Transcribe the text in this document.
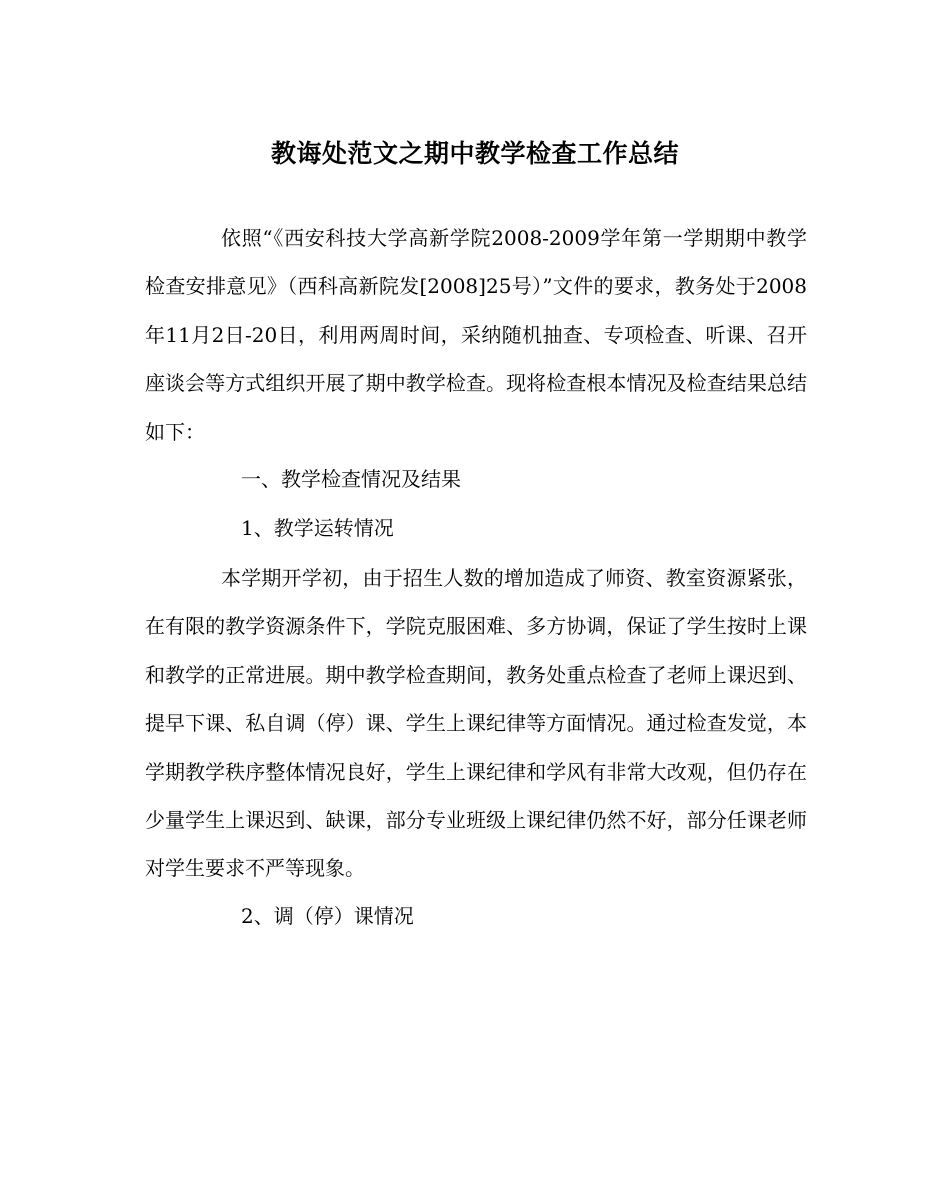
教诲处范文之期中教学检查工作总结

依照“《西安科技大学高新学院2008-2009学年第一学期期中教学检查安排意见》（西科高新院发[2008]25号）”文件的要求，教务处于2008年11月2日-20日，利用两周时间，采纳随机抽查、专项检查、听课、召开座谈会等方式组织开展了期中教学检查。现将检查根本情况及检查结果总结如下：

一、教学检查情况及结果

1、教学运转情况

本学期开学初，由于招生人数的增加造成了师资、教室资源紧张，在有限的教学资源条件下，学院克服困难、多方协调，保证了学生按时上课和教学的正常进展。期中教学检查期间，教务处重点检查了老师上课迟到、提早下课、私自调（停）课、学生上课纪律等方面情况。通过检查发觉，本学期教学秩序整体情况良好，学生上课纪律和学风有非常大改观，但仍存在少量学生上课迟到、缺课，部分专业班级上课纪律仍然不好，部分任课老师对学生要求不严等现象。

2、调（停）课情况
